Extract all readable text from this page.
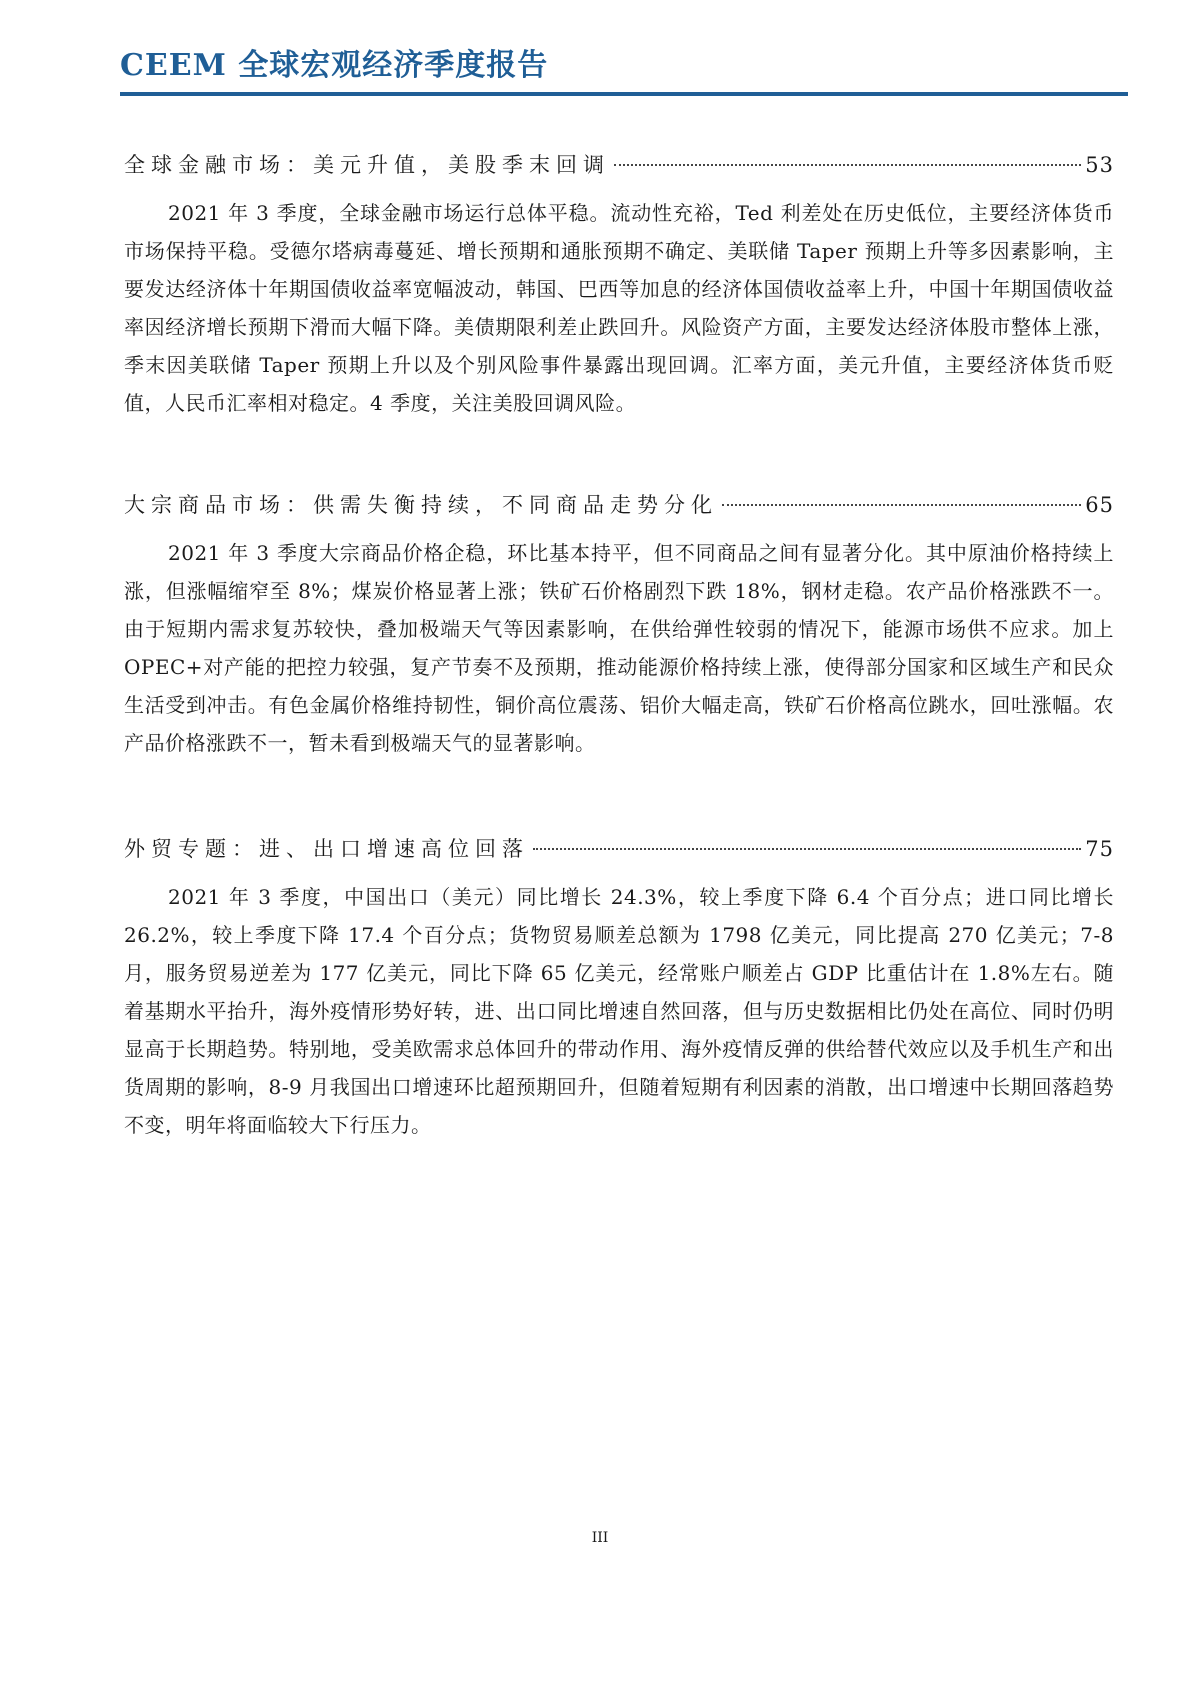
CEEM 全球宏观经济季度报告
全球金融市场：美元升值，美股季末回调	53
2021 年 3 季度，全球金融市场运行总体平稳。流动性充裕，Ted 利差处在历史低位，主要经济体货币市场保持平稳。受德尔塔病毒蔓延、增长预期和通胀预期不确定、美联储 Taper 预期上升等多因素影响，主要发达经济体十年期国债收益率宽幅波动，韩国、巴西等加息的经济体国债收益率上升，中国十年期国债收益率因经济增长预期下滑而大幅下降。美债期限利差止跌回升。风险资产方面，主要发达经济体股市整体上涨，季末因美联储 Taper 预期上升以及个别风险事件暴露出现回调。汇率方面，美元升值，主要经济体货币贬值，人民币汇率相对稳定。4 季度，关注美股回调风险。
大宗商品市场：供需失衡持续，不同商品走势分化	65
2021 年 3 季度大宗商品价格企稳，环比基本持平，但不同商品之间有显著分化。其中原油价格持续上涨，但涨幅缩窄至 8%；煤炭价格显著上涨；铁矿石价格剧烈下跌 18%，钢材走稳。农产品价格涨跌不一。由于短期内需求复苏较快，叠加极端天气等因素影响，在供给弹性较弱的情况下，能源市场供不应求。加上 OPEC+对产能的把控力较强，复产节奏不及预期，推动能源价格持续上涨，使得部分国家和区域生产和民众生活受到冲击。有色金属价格维持韧性，铜价高位震荡、铝价大幅走高，铁矿石价格高位跳水，回吐涨幅。农产品价格涨跌不一，暂未看到极端天气的显著影响。
外贸专题：进、出口增速高位回落	75
2021 年 3 季度，中国出口（美元）同比增长 24.3%，较上季度下降 6.4 个百分点；进口同比增长 26.2%，较上季度下降 17.4 个百分点；货物贸易顺差总额为 1798 亿美元，同比提高 270 亿美元；7-8 月，服务贸易逆差为 177 亿美元，同比下降 65 亿美元，经常账户顺差占 GDP 比重估计在 1.8%左右。随着基期水平抬升，海外疫情形势好转，进、出口同比增速自然回落，但与历史数据相比仍处在高位、同时仍明显高于长期趋势。特别地，受美欧需求总体回升的带动作用、海外疫情反弹的供给替代效应以及手机生产和出货周期的影响，8-9 月我国出口增速环比超预期回升，但随着短期有利因素的消散，出口增速中长期回落趋势不变，明年将面临较大下行压力。
III
